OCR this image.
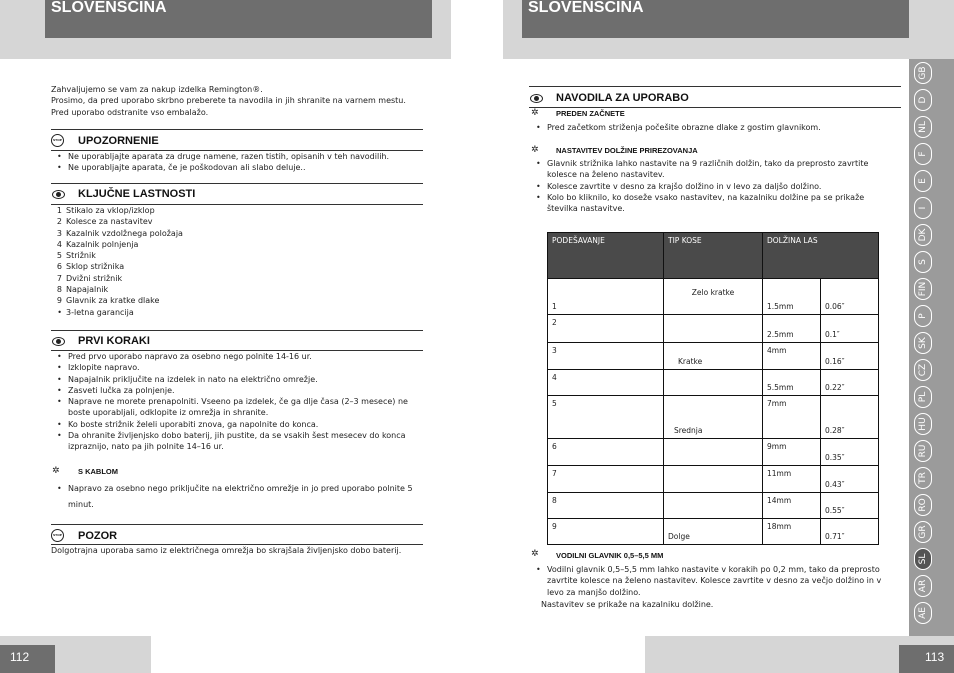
SLOVENŠČINA	SLOVENŠČINA
112	113
Zahvaljujemo se vam za nakup izdelka Remington®.
Prosimo, da pred uporabo skrbno preberete ta navodila in jih shranite na varnem mestu.
Pred uporabo odstranite vso embalažo.
STOP UPOZORNENIE
• Ne uporabljajte aparata za druge namene, razen tistih, opisanih v teh navodilih.
• Ne uporabljajte aparata, če je poškodovan ali slabo deluje..
KLJUČNE LASTNOSTI
1 Stikalo za vklop/izklop
2 Kolesce za nastavitev
3 Kazalnik vzdolžnega položaja
4 Kazalnik polnjenja
5 Strižnik
6 Sklop strižnika
7 Dvižni strižnik
8 Napajalnik
9 Glavnik za kratke dlake
• 3-letna garancija
PRVI KORAKI
• Pred prvo uporabo napravo za osebno nego polnite 14-16 ur.
• Izklopite napravo.
• Napajalnik priključite na izdelek in nato na električno omrežje.
• Zasveti lučka za polnjenje.
• Naprave ne morete prenapolniti. Vseeno pa izdelek, če ga dlje časa (2–3 mesece) ne boste uporabljali, odklopite iz omrežja in shranite.
• Ko boste strižnik želeli uporabiti znova, ga napolnite do konca.
• Da ohranite življenjsko dobo baterij, jih pustite, da se vsakih šest mesecev do konca izpraznijo, nato pa jih polnite 14–16 ur.
✲ S KABLOM
• Napravo za osebno nego priključite na električno omrežje in jo pred uporabo polnite 5 minut.
STOP POZOR
Dolgotrajna uporaba samo iz električnega omrežja bo skrajšala življenjsko dobo baterij.
NAVODILA ZA UPORABO
✲ PREDEN ZAČNETE
• Pred začetkom striženja počešite obrazne dlake z gostim glavnikom.
✲ NASTAVITEV DOLŽINE PRIREZOVANJA
• Glavnik strižnika lahko nastavite na 9 različnih dolžin, tako da preprosto zavrtite kolesce na želeno nastavitev.
• Kolesce zavrtite v desno za krajšo dolžino in v levo za daljšo dolžino.
• Kolo bo kliknilo, ko dosežе vsako nastavitev, na kazalniku dolžine pa se prikaže številka nastavitve.
PODEŠAVANJE	TIP KOSE	DOLŽINA LAS	
1	Zelo kratke	1.5mm	0.06″
2		2.5mm	0.1″
3	Kratke	4mm	0.16″
4		5.5mm	0.22″
5	Srednja	7mm	0.28″
6		9mm	0.35″
7		11mm	0.43″
8		14mm	0.55″
9	Dolge	18mm	0.71″
✲ VODILNI GLAVNIK 0,5–5,5 MM
• Vodilni glavnik 0,5–5,5 mm lahko nastavite v korakih po 0,2 mm, tako da preprosto zavrtite kolesce na želeno nastavitev. Kolesce zavrtite v desno za večjo dolžino in v levo za manjšo dolžino.
Nastavitev se prikaže na kazalniku dolžine.
GB
D
NL
F
E
I
DK
S
FIN
P
SK
CZ
PL
HU
RU
TR
RO
GR
SL
AR
AE
